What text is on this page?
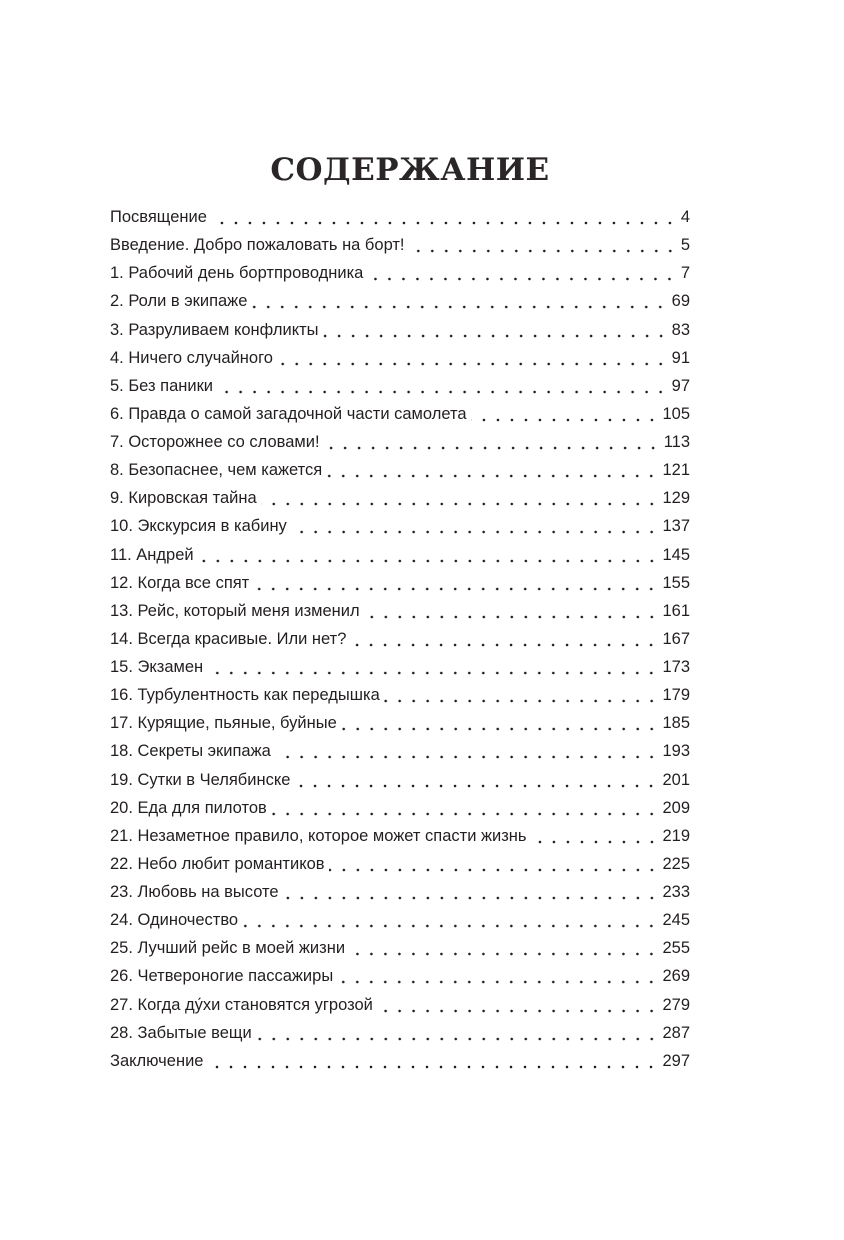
СОДЕРЖАНИЕ
Посвящение	4
Введение. Добро пожаловать на борт!	5
1. Рабочий день бортпроводника	7
2. Роли в экипаже	69
3. Разруливаем конфликты	83
4. Ничего случайного	91
5. Без паники	97
6. Правда о самой загадочной части самолета	105
7. Осторожнее со словами!	113
8. Безопаснее, чем кажется	121
9. Кировская тайна	129
10. Экскурсия в кабину	137
11. Андрей	145
12. Когда все спят	155
13. Рейс, который меня изменил	161
14. Всегда красивые. Или нет?	167
15. Экзамен	173
16. Турбулентность как передышка	179
17. Курящие, пьяные, буйные	185
18. Секреты экипажа	193
19. Сутки в Челябинске	201
20. Еда для пилотов	209
21. Незаметное правило, которое может спасти жизнь	219
22. Небо любит романтиков	225
23. Любовь на высоте	233
24. Одиночество	245
25. Лучший рейс в моей жизни	255
26. Четвероногие пассажиры	269
27. Когда ду́хи становятся угрозой	279
28. Забытые вещи	287
Заключение	297
